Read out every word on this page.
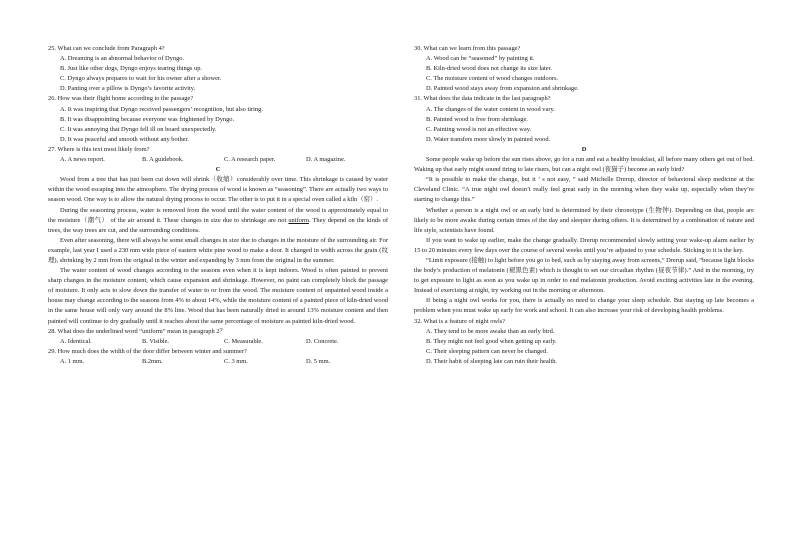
25. What can we conclude from Paragraph 4?

A. Dreaming is an abnormal behavior of Dyngo.

B. Just like other dogs, Dyngo enjoys tearing things up.

C. Dyngo always prepares to wait for his owner after a shower.

D. Panting over a pillow is Dyngo’s favorite activity.

26. How was their flight home according to the passage?

A. It was inspiring that Dyngo received passengers’ recognition, but also tiring.

B. It was disappointing because everyone was frightened by Dyngo.

C. It was annoying that Dyngo fell ill on board unexpectedly.

D. It was peaceful and smooth without any bother.

27. Where is this text most likely from?

A. A news report.	B. A guidebook.	C. A research paper.	D. A magazine.

C

Wood from a tree that has just been cut down will shrink（收缩）considerably over time. This shrinkage is caused by water within the wood escaping into the atmosphere. The drying process of wood is known as “seasoning”. There are actually two ways to season wood. One way is to allow the natural drying process to occur. The other is to put it in a special oven called a kiln（窑）.

During the seasoning process, water is removed from the wood until the water content of the wood is approximately equal to the moisture（潮气） of the air around it. These changes in size due to shrinkage are not uniform. They depend on the kinds of trees, the way trees are cut, and the surrounding conditions.

Even after seasoning, there will always be some small changes in size due to changes in the moisture of the surrounding air. For example, last year I used a 230 mm wide piece of eastern white pine wood to make a door. It changed in width across the grain (纹理), shrinking by 2 mm from the original in the winter and expanding by 3 mm from the original in the summer.

The water content of wood changes according to the seasons even when it is kept indoors. Wood is often painted to prevent sharp changes in the moisture content, which cause expansion and shrinkage. However, no paint can completely block the passage of moisture. It only acts to slow down the transfer of water to or from the wood. The moisture content of unpainted wood inside a house may change according to the seasons from 4% to about 14%, while the moisture content of a painted piece of kiln-dried wood in the same house will only vary around the 8% line. Wood that has been naturally dried to around 13% moisture content and then painted will continue to dry gradually until it reaches about the same percentage of moisture as painted kiln-dried wood.

28. What does the underlined word “uniform” mean in paragraph 2？

A. Identical.	B. Visible.	C. Measurable.	D. Concrete.

29. How much does the width of the door differ between winter and summer?

A. 1 mm.	B.2mm.	C. 3 mm.	D. 5 mm.

30. What can we learn from this passage?

A. Wood can be “seasoned” by painting it.

B. Kiln-dried wood does not change its size later.

C. The moisture content of wood changes outdoors.

D. Painted wood stays away from expansion and shrinkage.

31. What does the data indicate in the last paragraph?

A. The changes of the water content in wood vary.

B. Painted wood is free from shrinkage.

C. Painting wood is not an effective way.

D. Water transfers more slowly in painted wood.

D

Some people wake up before the sun rises above, go for a run and eat a healthy breakfast, all before many others get out of bed. Waking up that early might sound tiring to late risers, but can a night owl (夜猫子) become an early bird?

“It is possible to make the change, but it ’ s not easy, ” said Michelle Drerup, director of behavioral sleep medicine at the Cleveland Clinic. “A true night owl doesn’t really feel great early in the morning when they wake up, especially when they’re starting to change this.”

Whether a person is a night owl or an early bird is determined by their chronotype (生物钟). Depending on that, people are likely to be more awake during certain times of the day and sleepier during others. It is determined by a combination of nature and life style, scientists have found.

If you want to wake up earlier, make the change gradually. Drerup recommended slowly setting your wake-up alarm earlier by 15 to 20 minutes every few days over the course of several weeks until you’re adjusted to your schedule. Sticking to it is the key.

“Limit exposure (接触) to light before you go to bed, such as by staying away from screens,” Drerup said, “because light blocks the body’s production of melatonin (褪黑色素) which is thought to set our circadian rhythm (昼夜节律).” And in the morning, try to get exposure to light as soon as you wake up in order to end melatonin production. Avoid exciting activities late in the evening. Instead of exercising at night, try working out in the morning or afternoon.

If being a night owl works for you, there is actually no need to change your sleep schedule. But staying up late becomes a problem when you must wake up early for work and school. It can also increase your risk of developing health problems.

32. What is a feature of night owls?

A. They tend to be more awake than an early bird.

B. They might not feel good when getting up early.

C. Their sleeping pattern can never be changed.

D. Their habit of sleeping late can ruin their health.
